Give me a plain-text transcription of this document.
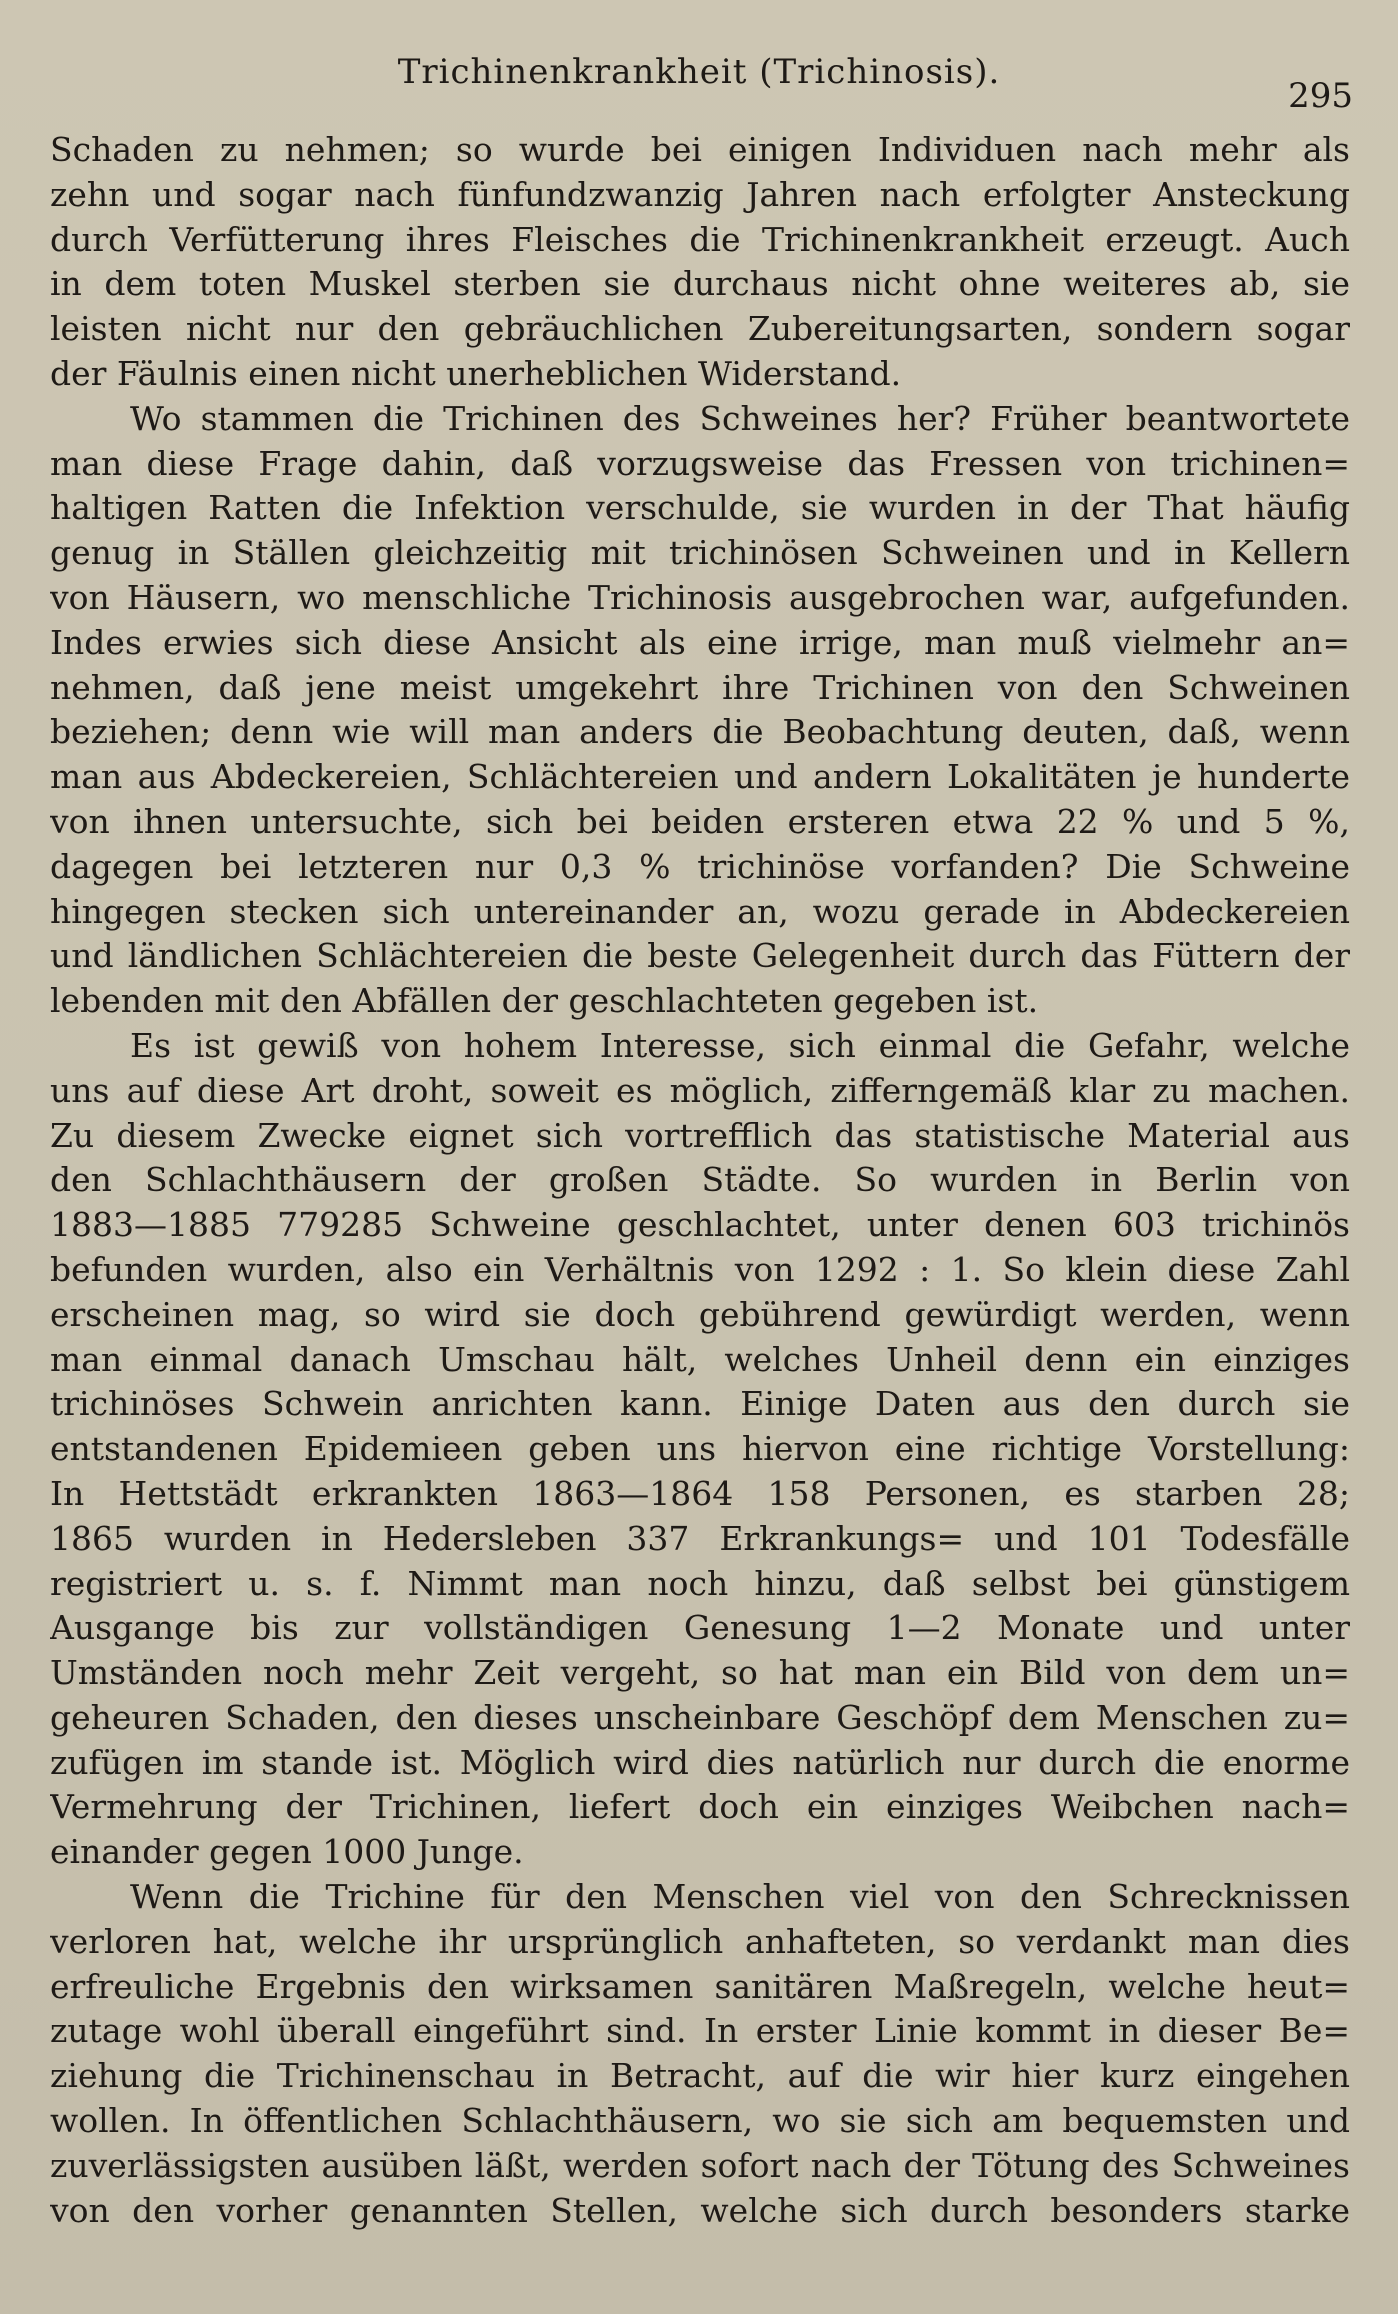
Trichinenkrankheit (Trichinosis).
295
Schaden zu nehmen; so wurde bei einigen Individuen nach mehr als
zehn und sogar nach fünfundzwanzig Jahren nach erfolgter Ansteckung
durch Verfütterung ihres Fleisches die Trichinenkrankheit erzeugt. Auch
in dem toten Muskel sterben sie durchaus nicht ohne weiteres ab, sie
leisten nicht nur den gebräuchlichen Zubereitungsarten, sondern sogar
der Fäulnis einen nicht unerheblichen Widerstand.
Wo stammen die Trichinen des Schweines her? Früher beantwortete
man diese Frage dahin, daß vorzugsweise das Fressen von trichinen=
haltigen Ratten die Infektion verschulde, sie wurden in der That häufig
genug in Ställen gleichzeitig mit trichinösen Schweinen und in Kellern
von Häusern, wo menschliche Trichinosis ausgebrochen war, aufgefunden.
Indes erwies sich diese Ansicht als eine irrige, man muß vielmehr an=
nehmen, daß jene meist umgekehrt ihre Trichinen von den Schweinen
beziehen; denn wie will man anders die Beobachtung deuten, daß, wenn
man aus Abdeckereien, Schlächtereien und andern Lokalitäten je hunderte
von ihnen untersuchte, sich bei beiden ersteren etwa 22 % und 5 %,
dagegen bei letzteren nur 0,3 % trichinöse vorfanden? Die Schweine
hingegen stecken sich untereinander an, wozu gerade in Abdeckereien
und ländlichen Schlächtereien die beste Gelegenheit durch das Füttern der
lebenden mit den Abfällen der geschlachteten gegeben ist.
Es ist gewiß von hohem Interesse, sich einmal die Gefahr, welche
uns auf diese Art droht, soweit es möglich, zifferngemäß klar zu machen.
Zu diesem Zwecke eignet sich vortrefflich das statistische Material aus
den Schlachthäusern der großen Städte. So wurden in Berlin von
1883—1885 779285 Schweine geschlachtet, unter denen 603 trichinös
befunden wurden, also ein Verhältnis von 1292 : 1. So klein diese Zahl
erscheinen mag, so wird sie doch gebührend gewürdigt werden, wenn
man einmal danach Umschau hält, welches Unheil denn ein einziges
trichinöses Schwein anrichten kann. Einige Daten aus den durch sie
entstandenen Epidemieen geben uns hiervon eine richtige Vorstellung:
In Hettstädt erkrankten 1863—1864 158 Personen, es starben 28;
1865 wurden in Hedersleben 337 Erkrankungs= und 101 Todesfälle
registriert u. s. f. Nimmt man noch hinzu, daß selbst bei günstigem
Ausgange bis zur vollständigen Genesung 1—2 Monate und unter
Umständen noch mehr Zeit vergeht, so hat man ein Bild von dem un=
geheuren Schaden, den dieses unscheinbare Geschöpf dem Menschen zu=
zufügen im stande ist. Möglich wird dies natürlich nur durch die enorme
Vermehrung der Trichinen, liefert doch ein einziges Weibchen nach=
einander gegen 1000 Junge.
Wenn die Trichine für den Menschen viel von den Schrecknissen
verloren hat, welche ihr ursprünglich anhafteten, so verdankt man dies
erfreuliche Ergebnis den wirksamen sanitären Maßregeln, welche heut=
zutage wohl überall eingeführt sind. In erster Linie kommt in dieser Be=
ziehung die Trichinenschau in Betracht, auf die wir hier kurz eingehen
wollen. In öffentlichen Schlachthäusern, wo sie sich am bequemsten und
zuverlässigsten ausüben läßt, werden sofort nach der Tötung des Schweines
von den vorher genannten Stellen, welche sich durch besonders starke
